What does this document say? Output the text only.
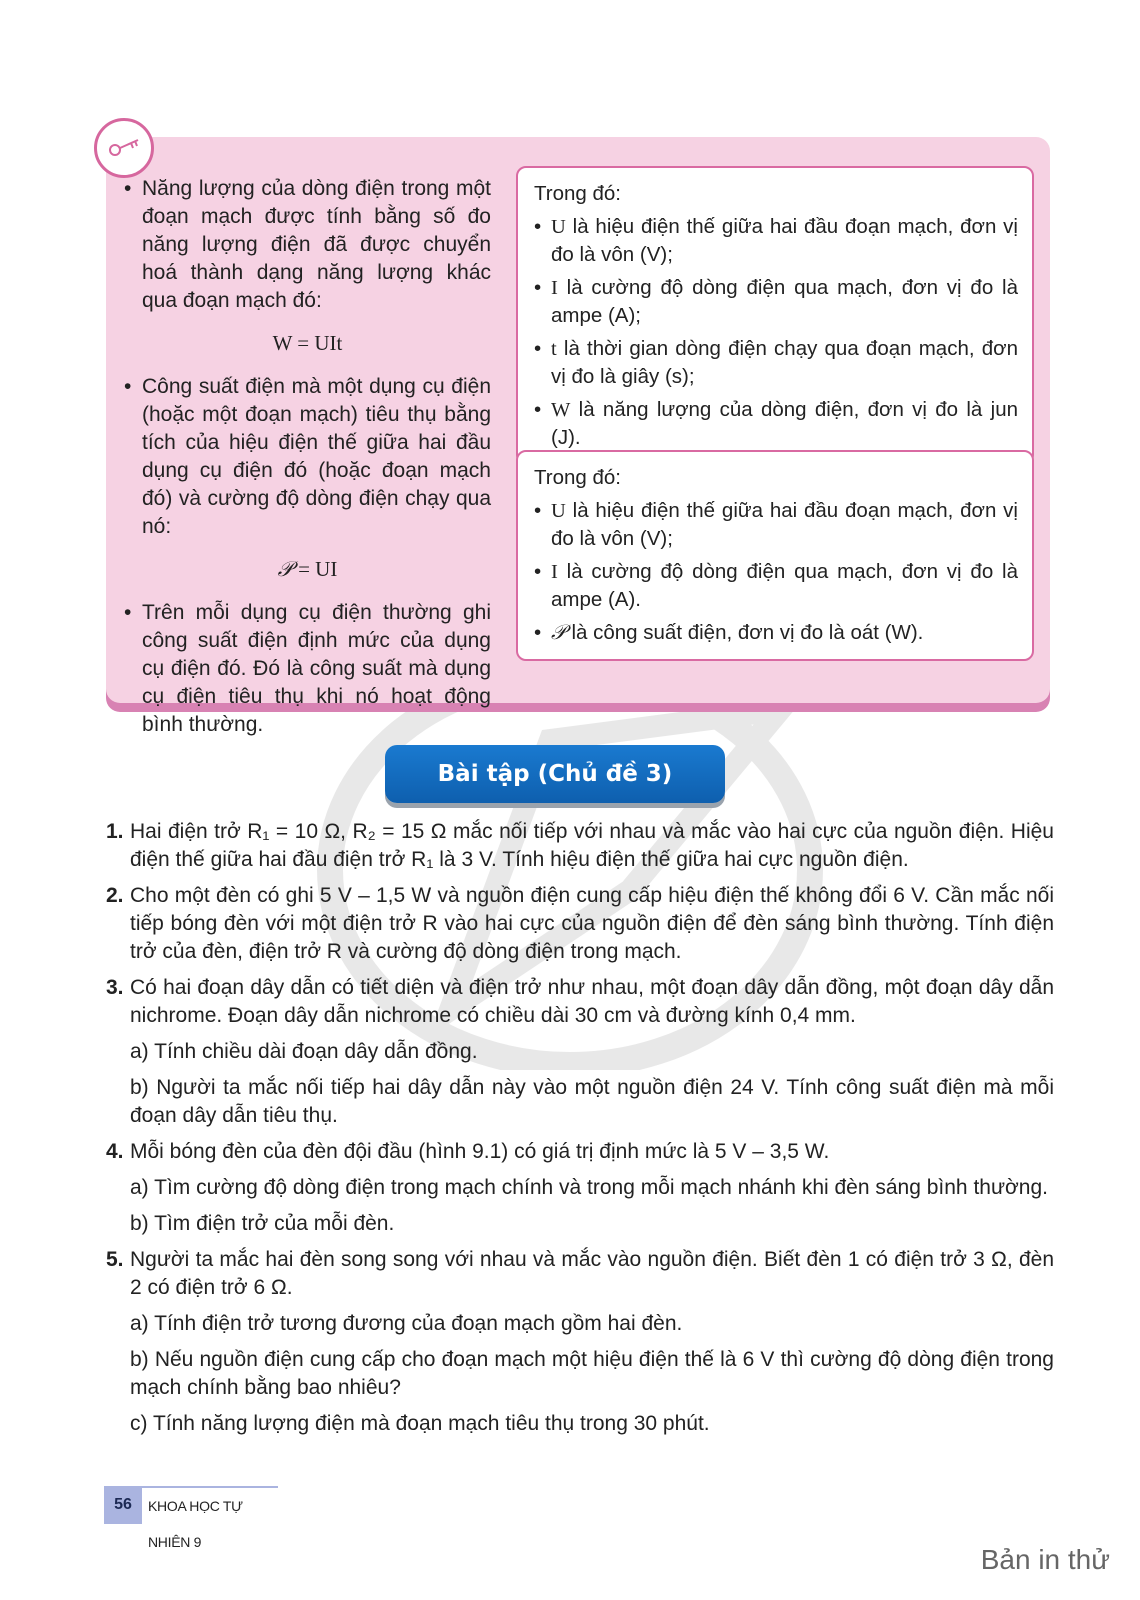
• Năng lượng của dòng điện trong một đoạn mạch được tính bằng số đo năng lượng điện đã được chuyển hoá thành dạng năng lượng khác qua đoạn mạch đó:
W = UIt
• Công suất điện mà một dụng cụ điện (hoặc một đoạn mạch) tiêu thụ bằng tích của hiệu điện thế giữa hai đầu dụng cụ điện đó (hoặc đoạn mạch đó) và cường độ dòng điện chạy qua nó:
𝒫 = UI
• Trên mỗi dụng cụ điện thường ghi công suất điện định mức của dụng cụ điện đó. Đó là công suất mà dụng cụ điện tiêu thụ khi nó hoạt động bình thường.
Trong đó:
• U là hiệu điện thế giữa hai đầu đoạn mạch, đơn vị đo là vôn (V);
• I là cường độ dòng điện qua mạch, đơn vị đo là ampe (A);
• t là thời gian dòng điện chạy qua đoạn mạch, đơn vị đo là giây (s);
• W là năng lượng của dòng điện, đơn vị đo là jun (J).
Trong đó:
• U là hiệu điện thế giữa hai đầu đoạn mạch, đơn vị đo là vôn (V);
• I là cường độ dòng điện qua mạch, đơn vị đo là ampe (A).
• 𝒫 là công suất điện, đơn vị đo là oát (W).
Bài tập (Chủ đề 3)
1. Hai điện trở R₁ = 10 Ω, R₂ = 15 Ω mắc nối tiếp với nhau và mắc vào hai cực của nguồn điện. Hiệu điện thế giữa hai đầu điện trở R₁ là 3 V. Tính hiệu điện thế giữa hai cực nguồn điện.
2. Cho một đèn có ghi 5 V – 1,5 W và nguồn điện cung cấp hiệu điện thế không đổi 6 V. Cần mắc nối tiếp bóng đèn với một điện trở R vào hai cực của nguồn điện để đèn sáng bình thường. Tính điện trở của đèn, điện trở R và cường độ dòng điện trong mạch.
3. Có hai đoạn dây dẫn có tiết diện và điện trở như nhau, một đoạn dây dẫn đồng, một đoạn dây dẫn nichrome. Đoạn dây dẫn nichrome có chiều dài 30 cm và đường kính 0,4 mm.
a) Tính chiều dài đoạn dây dẫn đồng.
b) Người ta mắc nối tiếp hai dây dẫn này vào một nguồn điện 24 V. Tính công suất điện mà mỗi đoạn dây dẫn tiêu thụ.
4. Mỗi bóng đèn của đèn đội đầu (hình 9.1) có giá trị định mức là 5 V – 3,5 W.
a) Tìm cường độ dòng điện trong mạch chính và trong mỗi mạch nhánh khi đèn sáng bình thường.
b) Tìm điện trở của mỗi đèn.
5. Người ta mắc hai đèn song song với nhau và mắc vào nguồn điện. Biết đèn 1 có điện trở 3 Ω, đèn 2 có điện trở 6 Ω.
a) Tính điện trở tương đương của đoạn mạch gồm hai đèn.
b) Nếu nguồn điện cung cấp cho đoạn mạch một hiệu điện thế là 6 V thì cường độ dòng điện trong mạch chính bằng bao nhiêu?
c) Tính năng lượng điện mà đoạn mạch tiêu thụ trong 30 phút.
56	KHOA HỌC TỰ NHIÊN 9
Bản in thử
